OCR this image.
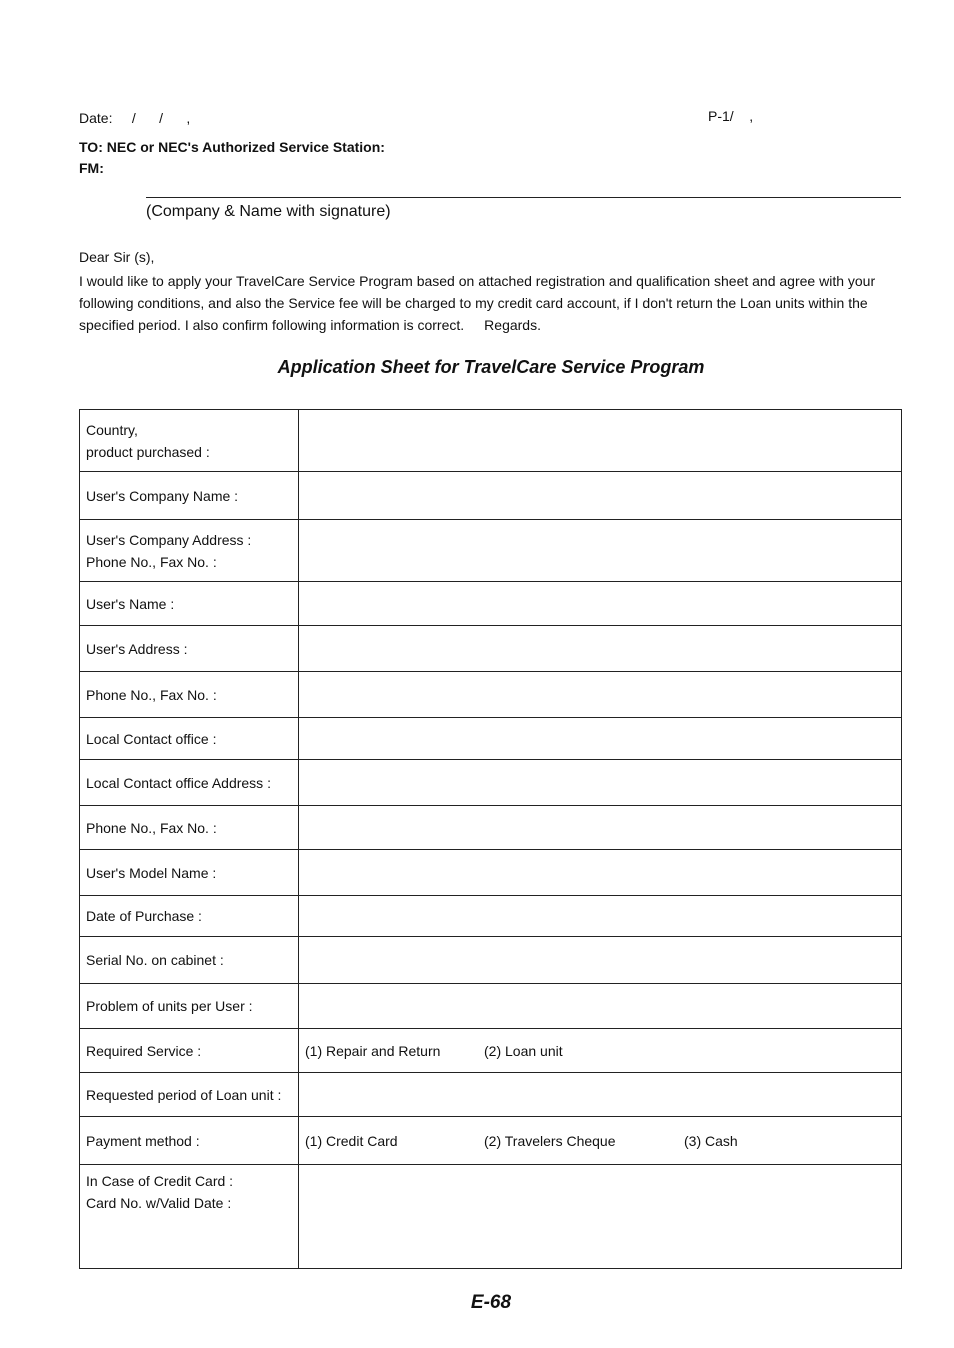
Date:     /      /      ,	P-1/    ,
TO: NEC or NEC's Authorized Service Station:
FM:
(Company & Name with signature)
Dear Sir (s),
I would like to apply your TravelCare Service Program based on attached registration and qualification sheet and agree with your following conditions, and also the Service fee will be charged to my credit card account, if I don't return the Loan units within the specified period. I also confirm following information is correct. Regards.
Application Sheet for TravelCare Service Program
Country,
product purchased :	

User's Company Name :	

User's Company Address :
Phone No., Fax No. :	

User's Name :	
User's Address :	
Phone No., Fax No. :	
Local Contact office :	
Local Contact office Address :	
Phone No., Fax No. :	
User's Model Name :	
Date of Purchase :	
Serial No. on cabinet :	
Problem of units per User :	
Required Service :	(1) Repair and Return (2) Loan unit
Requested period of Loan unit :	
Payment method :	(1) Credit Card (2) Travelers Cheque (3) Cash

In Case of Credit Card :
Card No. w/Valid Date :	

E-68
